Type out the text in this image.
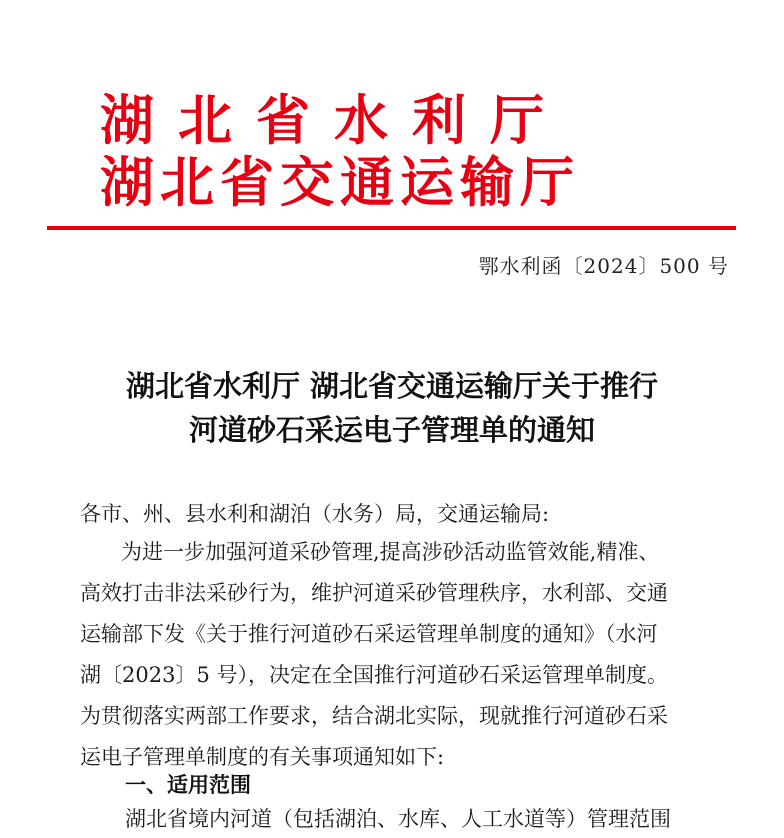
湖北省水利厅
湖北省交通运输厅
鄂水利函〔2024〕500 号
湖北省水利厅 湖北省交通运输厅关于推行
河道砂石采运电子管理单的通知
各市、州、县水利和湖泊（水务）局，交通运输局:
为进一步加强河道采砂管理,提高涉砂活动监管效能,精准、
高效打击非法采砂行为，维护河道采砂管理秩序，水利部、交通
运输部下发《关于推行河道砂石采运管理单制度的通知》（水河
湖〔2023〕5 号），决定在全国推行河道砂石采运管理单制度。
为贯彻落实两部工作要求，结合湖北实际，现就推行河道砂石采
运电子管理单制度的有关事项通知如下:
一、适用范围
湖北省境内河道（包括湖泊、水库、人工水道等）管理范围
